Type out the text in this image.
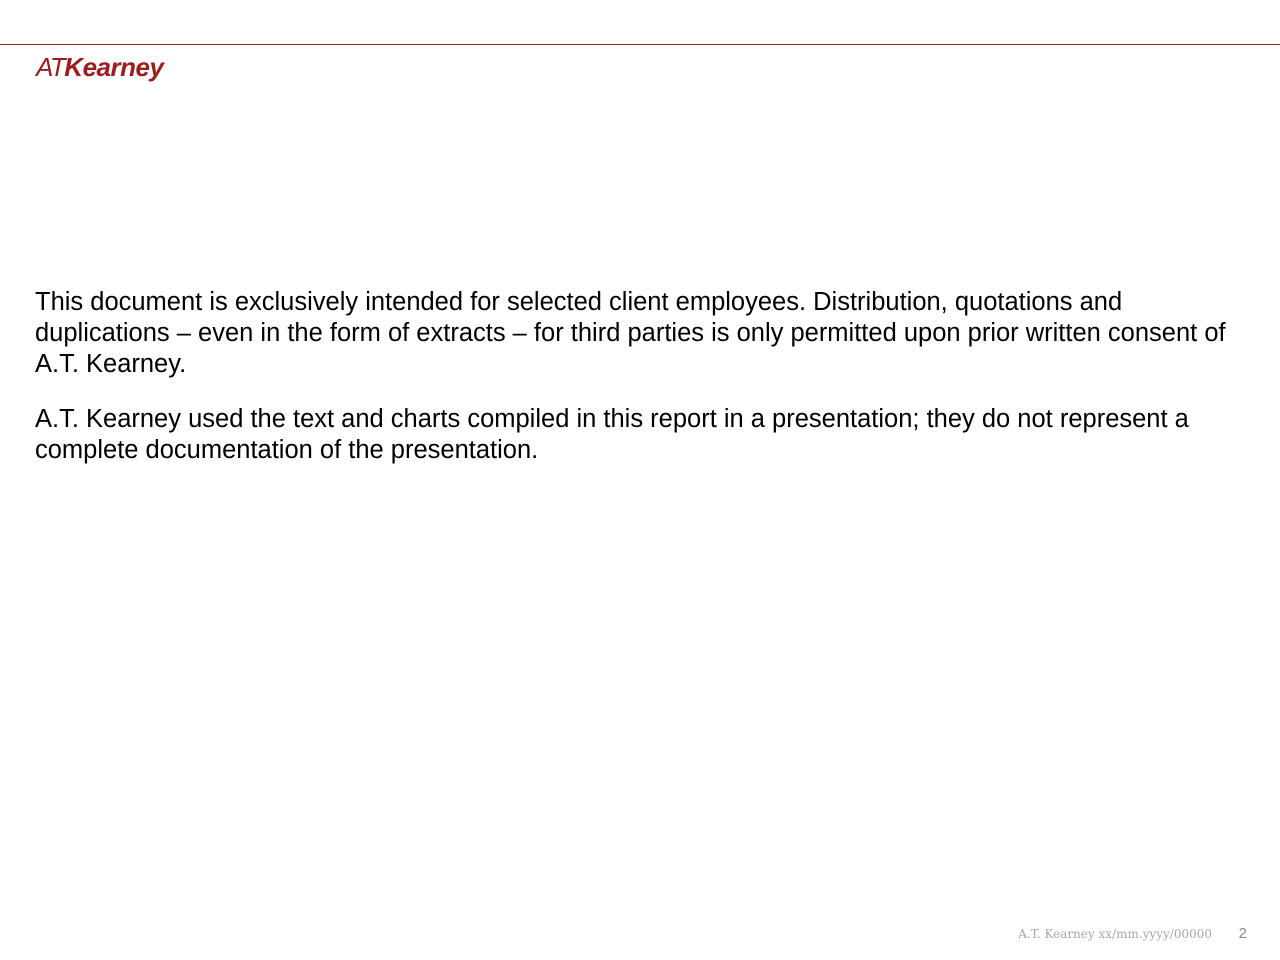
ATKearney

This document is exclusively intended for selected client employees. Distribution, quotations and duplications – even in the form of extracts – for third parties is only permitted upon prior written consent of A.T. Kearney.

A.T. Kearney used the text and charts compiled in this report in a presentation; they do not represent a complete documentation of the presentation.

A.T. Kearney xx/mm.yyyy/00000 2
